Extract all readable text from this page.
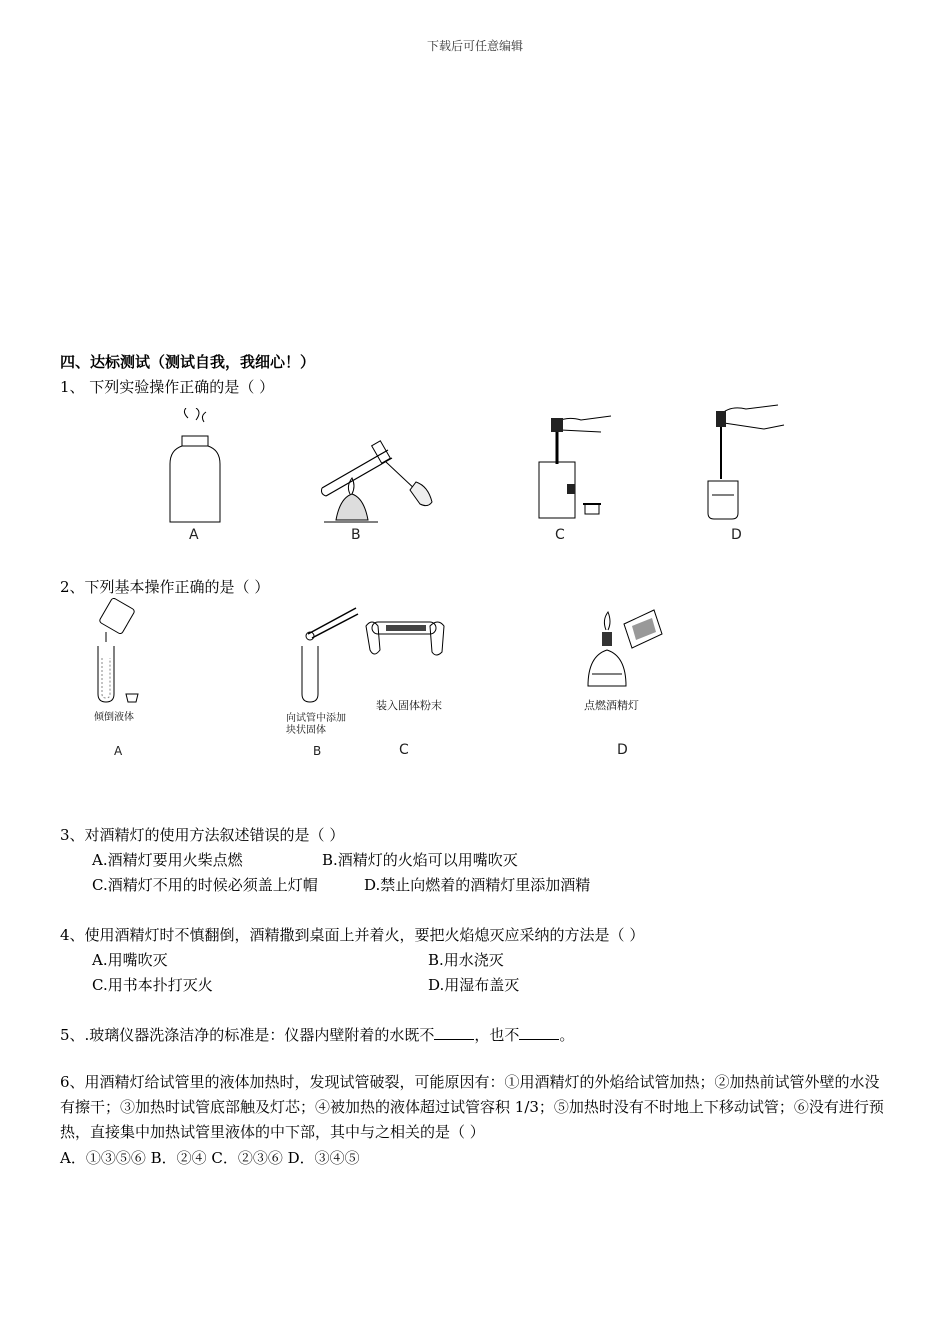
下载后可任意编辑
四、达标测试（测试自我，我细心！）
1、 下列实验操作正确的是（ ）
A	B	C	D
2、下列基本操作正确的是（ ）
倾倒液体
A
向试管中添加
块状固体
B
装入固体粉末
C
点燃酒精灯
D
3、对酒精灯的使用方法叙述错误的是（ ）
A.酒精灯要用火柴点燃	B.酒精灯的火焰可以用嘴吹灭
C.酒精灯不用的时候必须盖上灯帽	D.禁止向燃着的酒精灯里添加酒精
4、使用酒精灯时不慎翻倒，酒精撒到桌面上并着火，要把火焰熄灭应采纳的方法是（ ）
A.用嘴吹灭	B.用水浇灭
C.用书本扑打灭火	D.用湿布盖灭
5、.玻璃仪器洗涤洁净的标准是：仪器内壁附着的水既不	，也不	。
6、用酒精灯给试管里的液体加热时，发现试管破裂，可能原因有：①用酒精灯的外焰给试管加热；②加热前试管外壁的水没有擦干；③加热时试管底部触及灯芯；④被加热的液体超过试管容积 1/3；⑤加热时没有不时地上下移动试管；⑥没有进行预热，直接集中加热试管里液体的中下部，其中与之相关的是（ ）
A．①③⑤⑥ B．②④ C．②③⑥ D．③④⑤
